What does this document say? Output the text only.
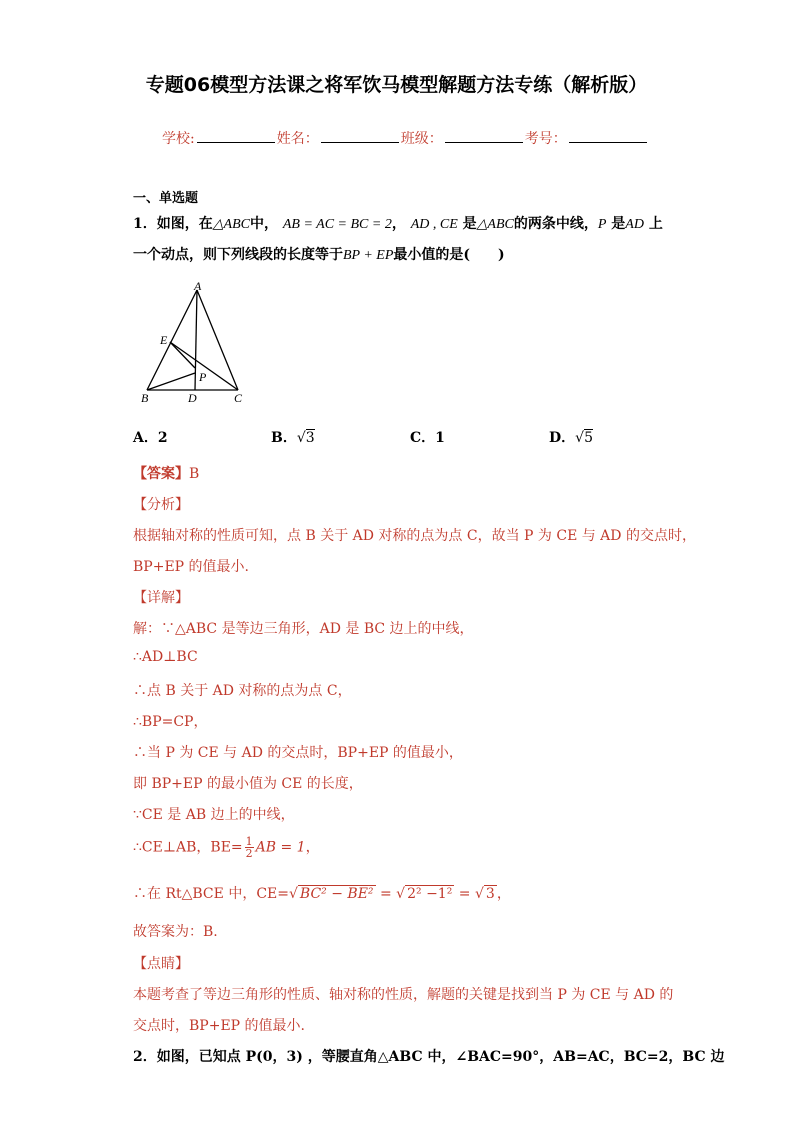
专题06模型方法课之将军饮马模型解题方法专练（解析版）
学校:	姓名：	班级：	考号：
一、单选题
1．如图，在△ABC中， AB = AC = BC = 2， AD , CE 是△ABC的两条中线，P 是AD 上
一个动点，则下列线段的长度等于BP + EP最小值的是(　　)
A
E
P
B	D	C
A．2	B．√3	C．1	D．√5
【答案】B
【分析】
根据轴对称的性质可知，点 B 关于 AD 对称的点为点 C，故当 P 为 CE 与 AD 的交点时，
BP+EP 的值最小.
【详解】
解：∵△ABC 是等边三角形，AD 是 BC 边上的中线，
∴AD⊥BC
∴点 B 关于 AD 对称的点为点 C，
∴BP=CP，
∴当 P 为 CE 与 AD 的交点时，BP+EP 的值最小，
即 BP+EP 的最小值为 CE 的长度，
∵CE 是 AB 边上的中线，
∴CE⊥AB，$BE= \frac{1}{2}$ AB = 1，
∴在 Rt△BCE 中，CE=√ BC² − BE² = √ 2² −1² = √ 3 ，
故答案为：B.
【点睛】
本题考查了等边三角形的性质、轴对称的性质，解题的关键是找到当 P 为 CE 与 AD 的
交点时，BP+EP 的值最小.
2．如图，已知点 P(0，3) ，等腰直角△ABC 中，∠BAC=90°，AB=AC，BC=2，BC 边
